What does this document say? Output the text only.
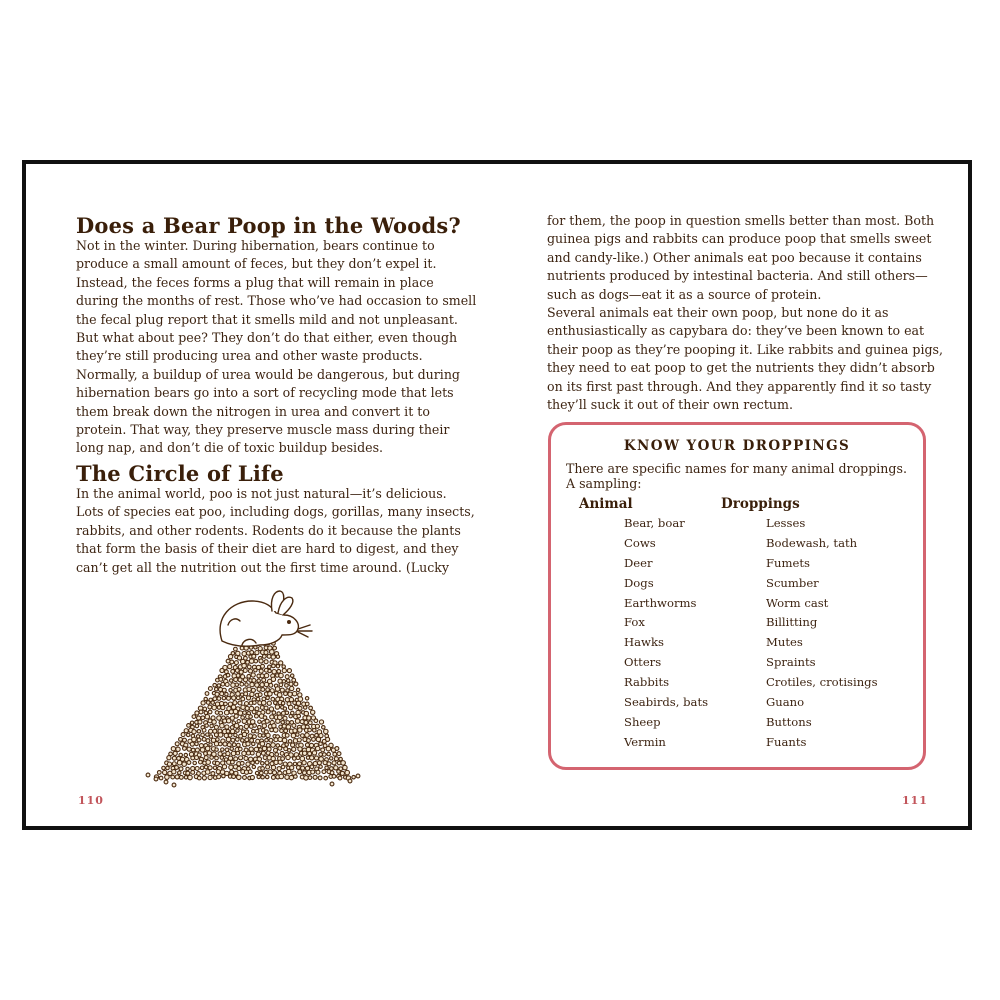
Does a Bear Poop in the Woods?
Not in the winter. During hibernation, bears continue to
produce a small amount of feces, but they don’t expel it.
Instead, the feces forms a plug that will remain in place
during the months of rest. Those who’ve had occasion to smell
the fecal plug report that it smells mild and not unpleasant.
But what about pee? They don’t do that either, even though
they’re still producing urea and other waste products.
Normally, a buildup of urea would be dangerous, but during
hibernation bears go into a sort of recycling mode that lets
them break down the nitrogen in urea and convert it to
protein. That way, they preserve muscle mass during their
long nap, and don’t die of toxic buildup besides.
The Circle of Life
In the animal world, poo is not just natural—it’s delicious.
Lots of species eat poo, including dogs, gorillas, many insects,
rabbits, and other rodents. Rodents do it because the plants
that form the basis of their diet are hard to digest, and they
can’t get all the nutrition out the first time around. (Lucky
110
for them, the poop in question smells better than most. Both
guinea pigs and rabbits can produce poop that smells sweet
and candy-like.) Other animals eat poo because it contains
nutrients produced by intestinal bacteria. And still others—
such as dogs—eat it as a source of protein.
Several animals eat their own poop, but none do it as
enthusiastically as capybara do: they’ve been known to eat
their poop as they’re pooping it. Like rabbits and guinea pigs,
they need to eat poop to get the nutrients they didn’t absorb
on its first past through. And they apparently find it so tasty
they’ll suck it out of their own rectum.
KNOW YOUR DROPPINGS
There are specific names for many animal droppings. A sampling:
Animal	Droppings
Bear, boar	Lesses
Cows	Bodewash, tath
Deer	Fumets
Dogs	Scumber
Earthworms	Worm cast
Fox	Billitting
Hawks	Mutes
Otters	Spraints
Rabbits	Crotiles, crotisings
Seabirds, bats	Guano
Sheep	Buttons
Vermin	Fuants
111
